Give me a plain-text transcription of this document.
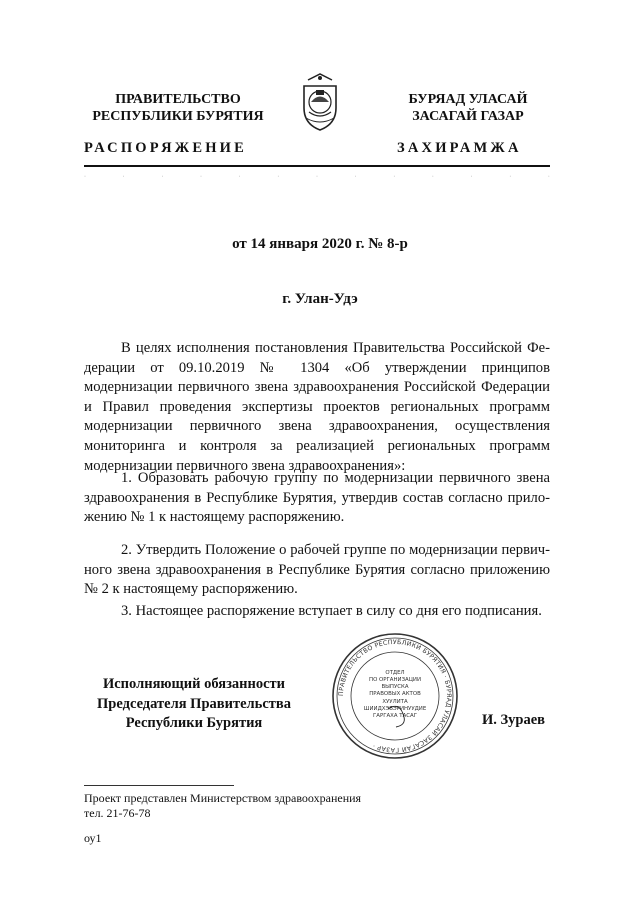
ПРАВИТЕЛЬСТВО
РЕСПУБЛИКИ БУРЯТИЯ
БУРЯАД УЛАСАЙ
ЗАСАГАЙ ГАЗАР
РАСПОРЯЖЕНИЕ	ЗАХИРАМЖА
·	·	·	·	·	·	·	·	·	·	·	·	·
от 14 января 2020 г. № 8-р
г. Улан-Удэ
В целях исполнения постановления Правительства Российской Федерации от 09.10.2019 № 1304 «Об утверждении принципов модернизации первичного звена здравоохранения Российской Федерации и Правил проведения экспертизы проектов региональных программ модернизации первичного звена здравоохранения, осуществления мониторинга и контроля за реализацией региональных программ модернизации первичного звена здравоохранения»:
1. Образовать рабочую группу по модернизации первичного звена здравоохранения в Республике Бурятия, утвердив состав согласно приложению № 1 к настоящему распоряжению.
2. Утвердить Положение о рабочей группе по модернизации первичного звена здравоохранения в Республике Бурятия согласно приложению № 2 к настоящему распоряжению.
3. Настоящее распоряжение вступает в силу со дня его подписания.
Исполняющий обязанности
Председателя Правительства
Республики Бурятия
ПРАВИТЕЛЬСТВО РЕСПУБЛИКИ БУРЯТИЯ · БУРЯАД УЛАСАЙ ЗАСАГАЙ ГАЗАР ·
ОТДЕЛ
ПО ОРГАНИЗАЦИИ
ВЫПУСКА
ПРАВОВЫХ АКТОВ
ХУУЛИТА
ШИИДХЭБЭРИНУУДИЕ
ГАРГАХА ТАСАГ	И. Зураев
Проект представлен Министерством здравоохранения
тел. 21-76-78
оу1
